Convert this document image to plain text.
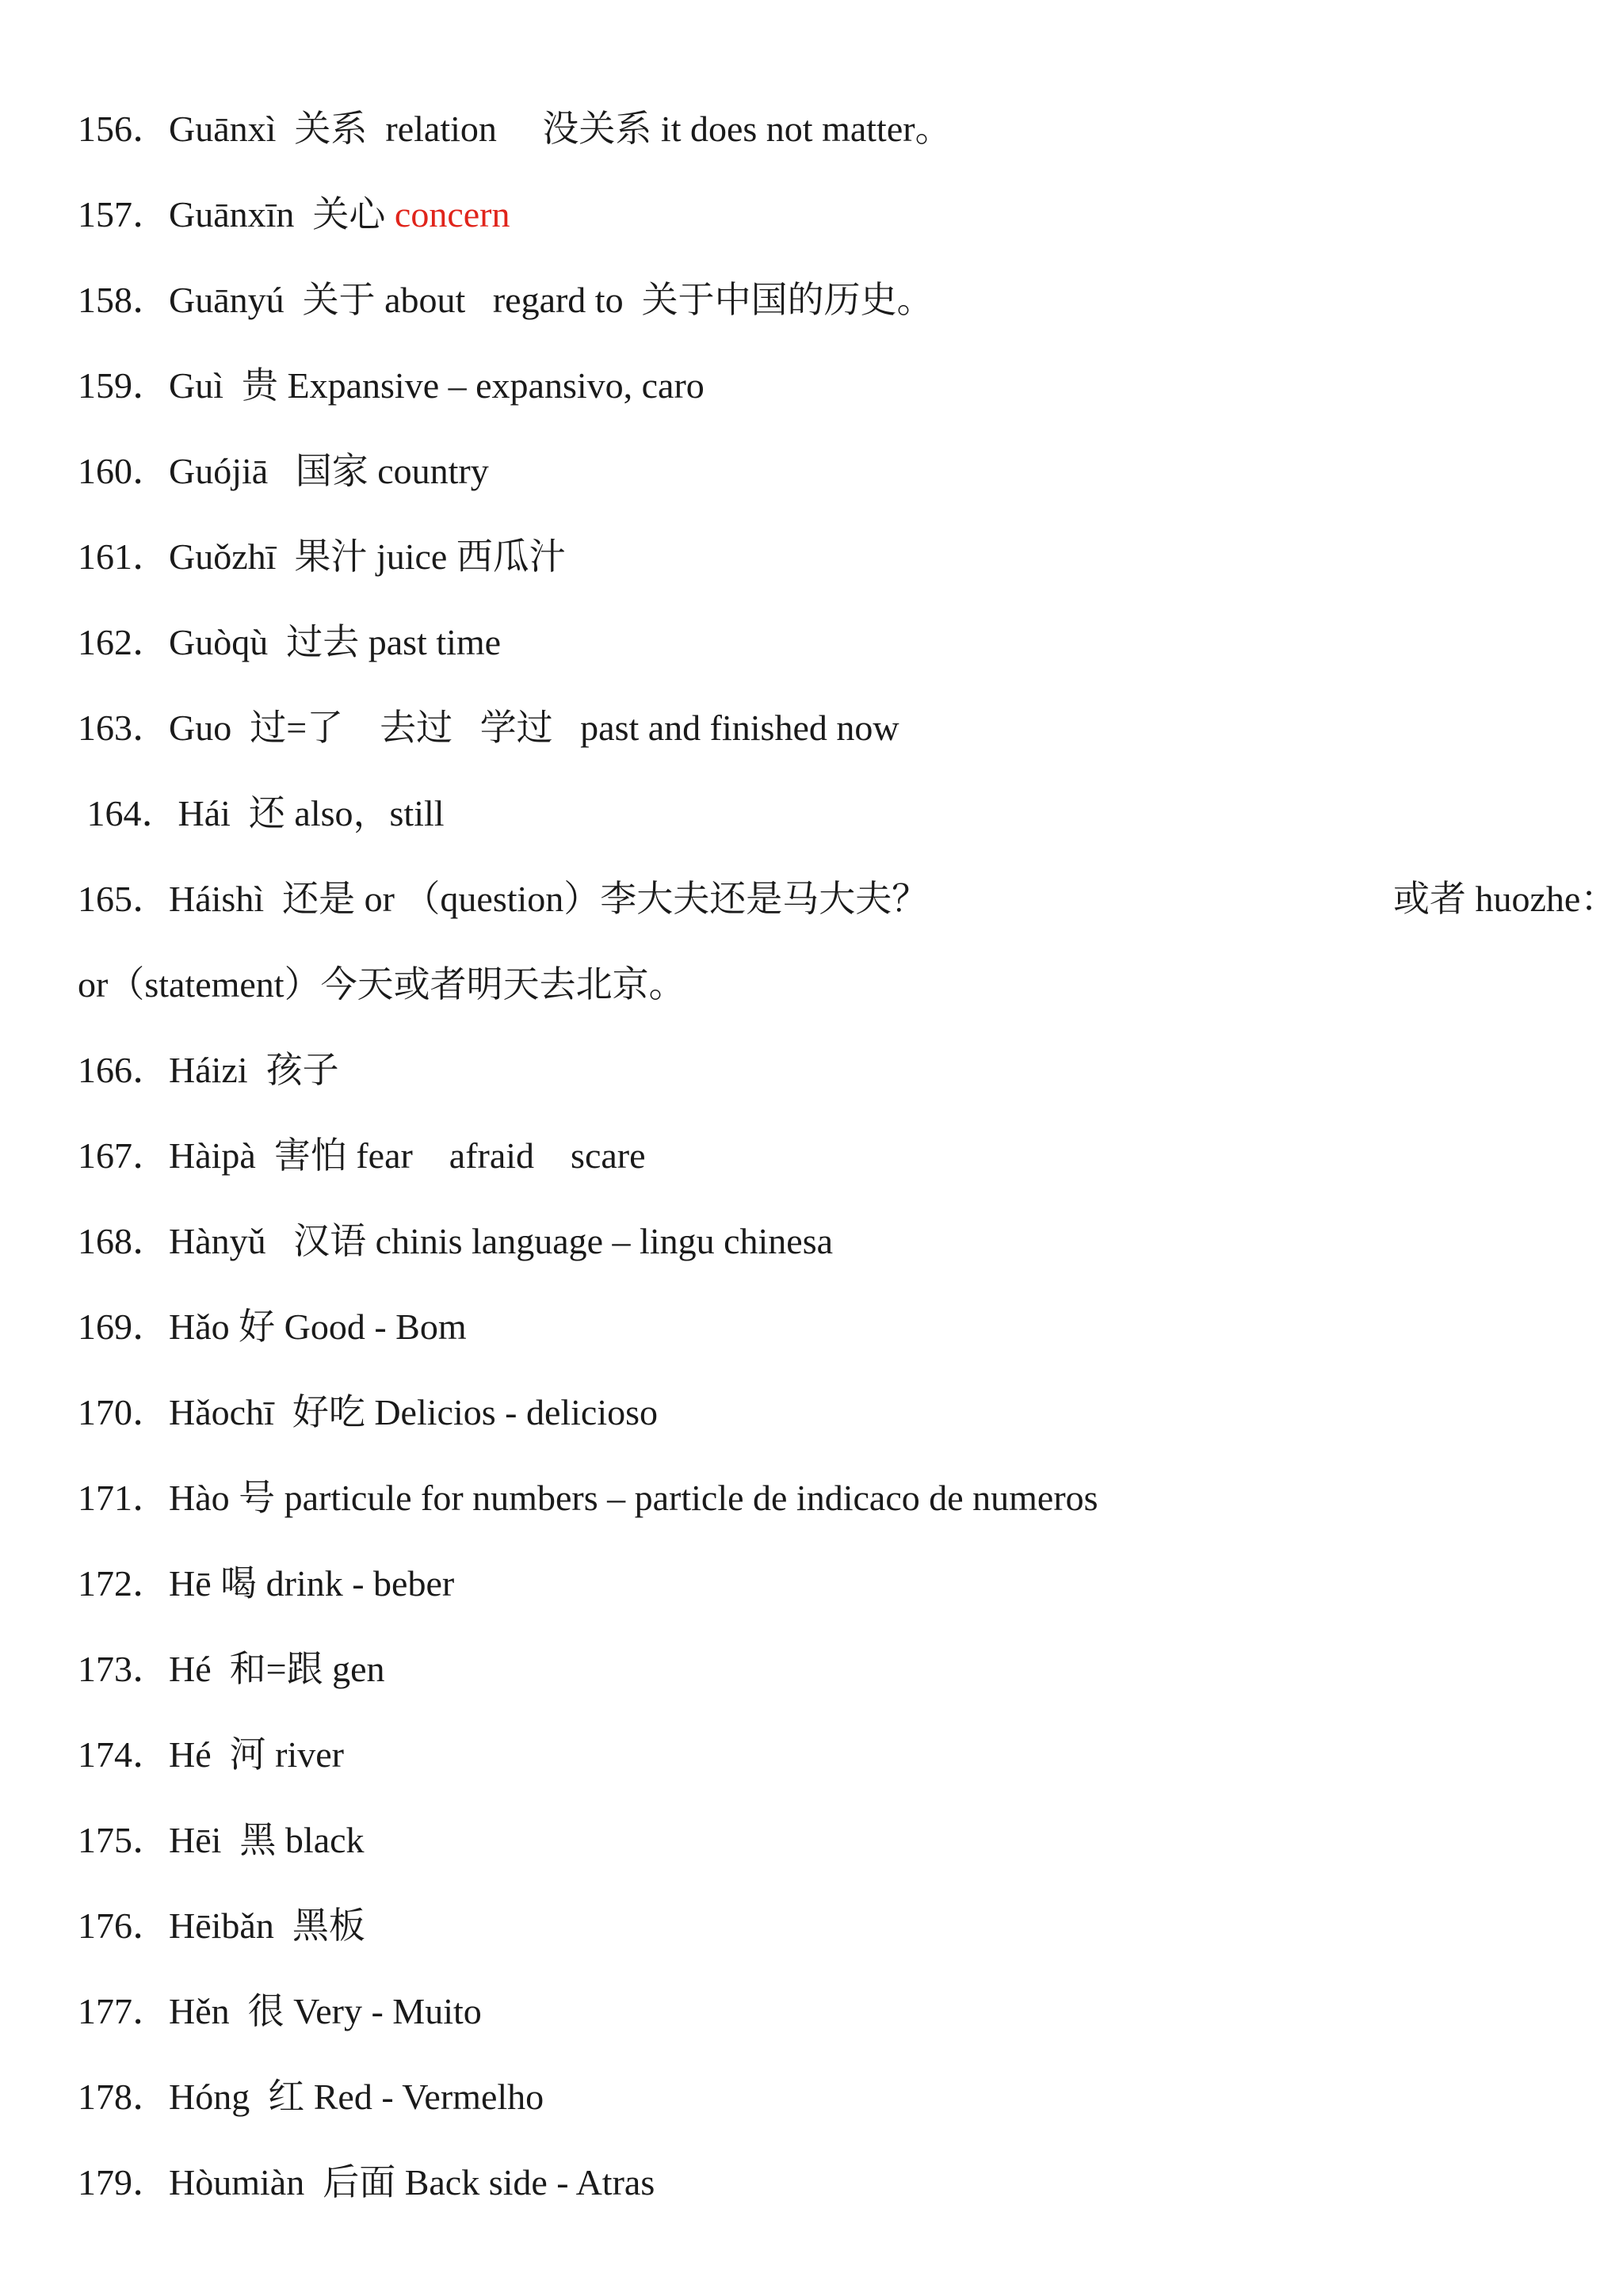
156．Guānxì  关系  relation     没关系 it does not matter。
157．Guānxīn  关心 concern
158．Guānyú  关于 about   regard to  关于中国的历史。
159．Guì  贵 Expansive – expansivo, caro
160．Guójiā   国家 country
161．Guǒzhī  果汁 juice 西瓜汁
162．Guòqù  过去 past time
163．Guo  过=了    去过   学过   past and finished now
164．Hái  还 also，still
165．Háishì  还是 or （question）李大夫还是马大夫？	或者 huozhe：
or（statement）今天或者明天去北京。
166．Háizi  孩子
167．Hàipà  害怕 fear    afraid    scare
168．Hànyǔ   汉语 chinis language – lingu chinesa
169．Hǎo 好 Good - Bom
170．Hǎochī  好吃 Delicios - delicioso
171．Hào 号 particule for numbers – particle de indicaco de numeros
172．Hē 喝 drink - beber
173．Hé  和=跟 gen
174．Hé  河 river
175．Hēi  黑 black
176．Hēibǎn  黑板
177．Hěn  很 Very - Muito
178．Hóng  红 Red - Vermelho
179．Hòumiàn  后面 Back side - Atras
